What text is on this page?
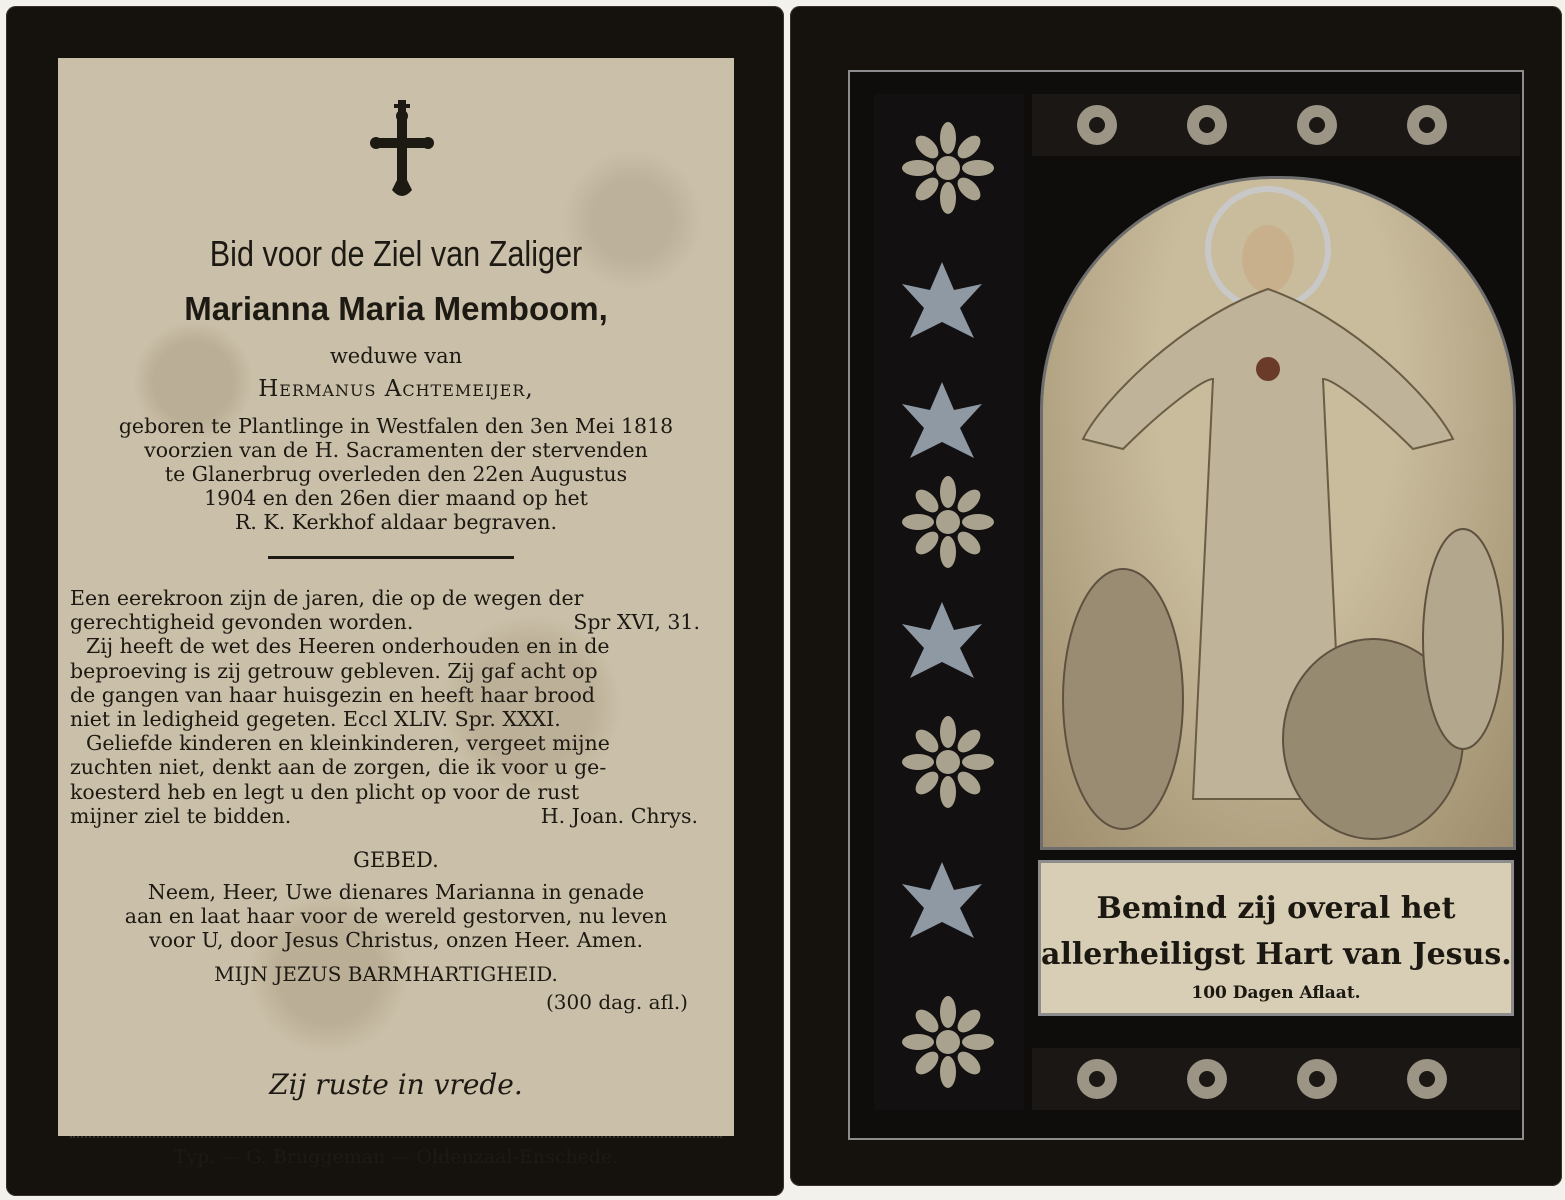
Bid voor de Ziel van Zaliger
Marianna Maria Memboom,
weduwe van
Hermanus Achtemeijer,
geboren te Plantlinge in Westfalen den 3en Mei 1818
voorzien van de H. Sacramenten der stervenden
te Glanerbrug overleden den 22en Augustus
1904 en den 26en dier maand op het
R. K. Kerkhof aldaar begraven.
Een eerekroon zijn de jaren, die op de wegen der
gerechtigheid gevonden worden.	Spr XVI, 31.
Zij heeft de wet des Heeren onderhouden en in de
beproeving is zij getrouw gebleven. Zij gaf acht op
de gangen van haar huisgezin en heeft haar brood
niet in ledigheid gegeten. Eccl XLIV. Spr. XXXI.
Geliefde kinderen en kleinkinderen, vergeet mijne
zuchten niet, denkt aan de zorgen, die ik voor u ge-
koesterd heb en legt u den plicht op voor de rust
mijner ziel te bidden.	H. Joan. Chrys.
GEBED.
Neem, Heer, Uwe dienares Marianna in genade
aan en laat haar voor de wereld gestorven, nu leven
voor U, door Jesus Christus, onzen Heer. Amen.
MIJN JEZUS BARMHARTIGHEID.
(300 dag. afl.)
Zij ruste in vrede.
Typ. — G. Bruggeman — Oldenzaal-Enschede.
Bemind zij overal het
allerheiligst Hart van Jesus.
100 Dagen Aflaat.
